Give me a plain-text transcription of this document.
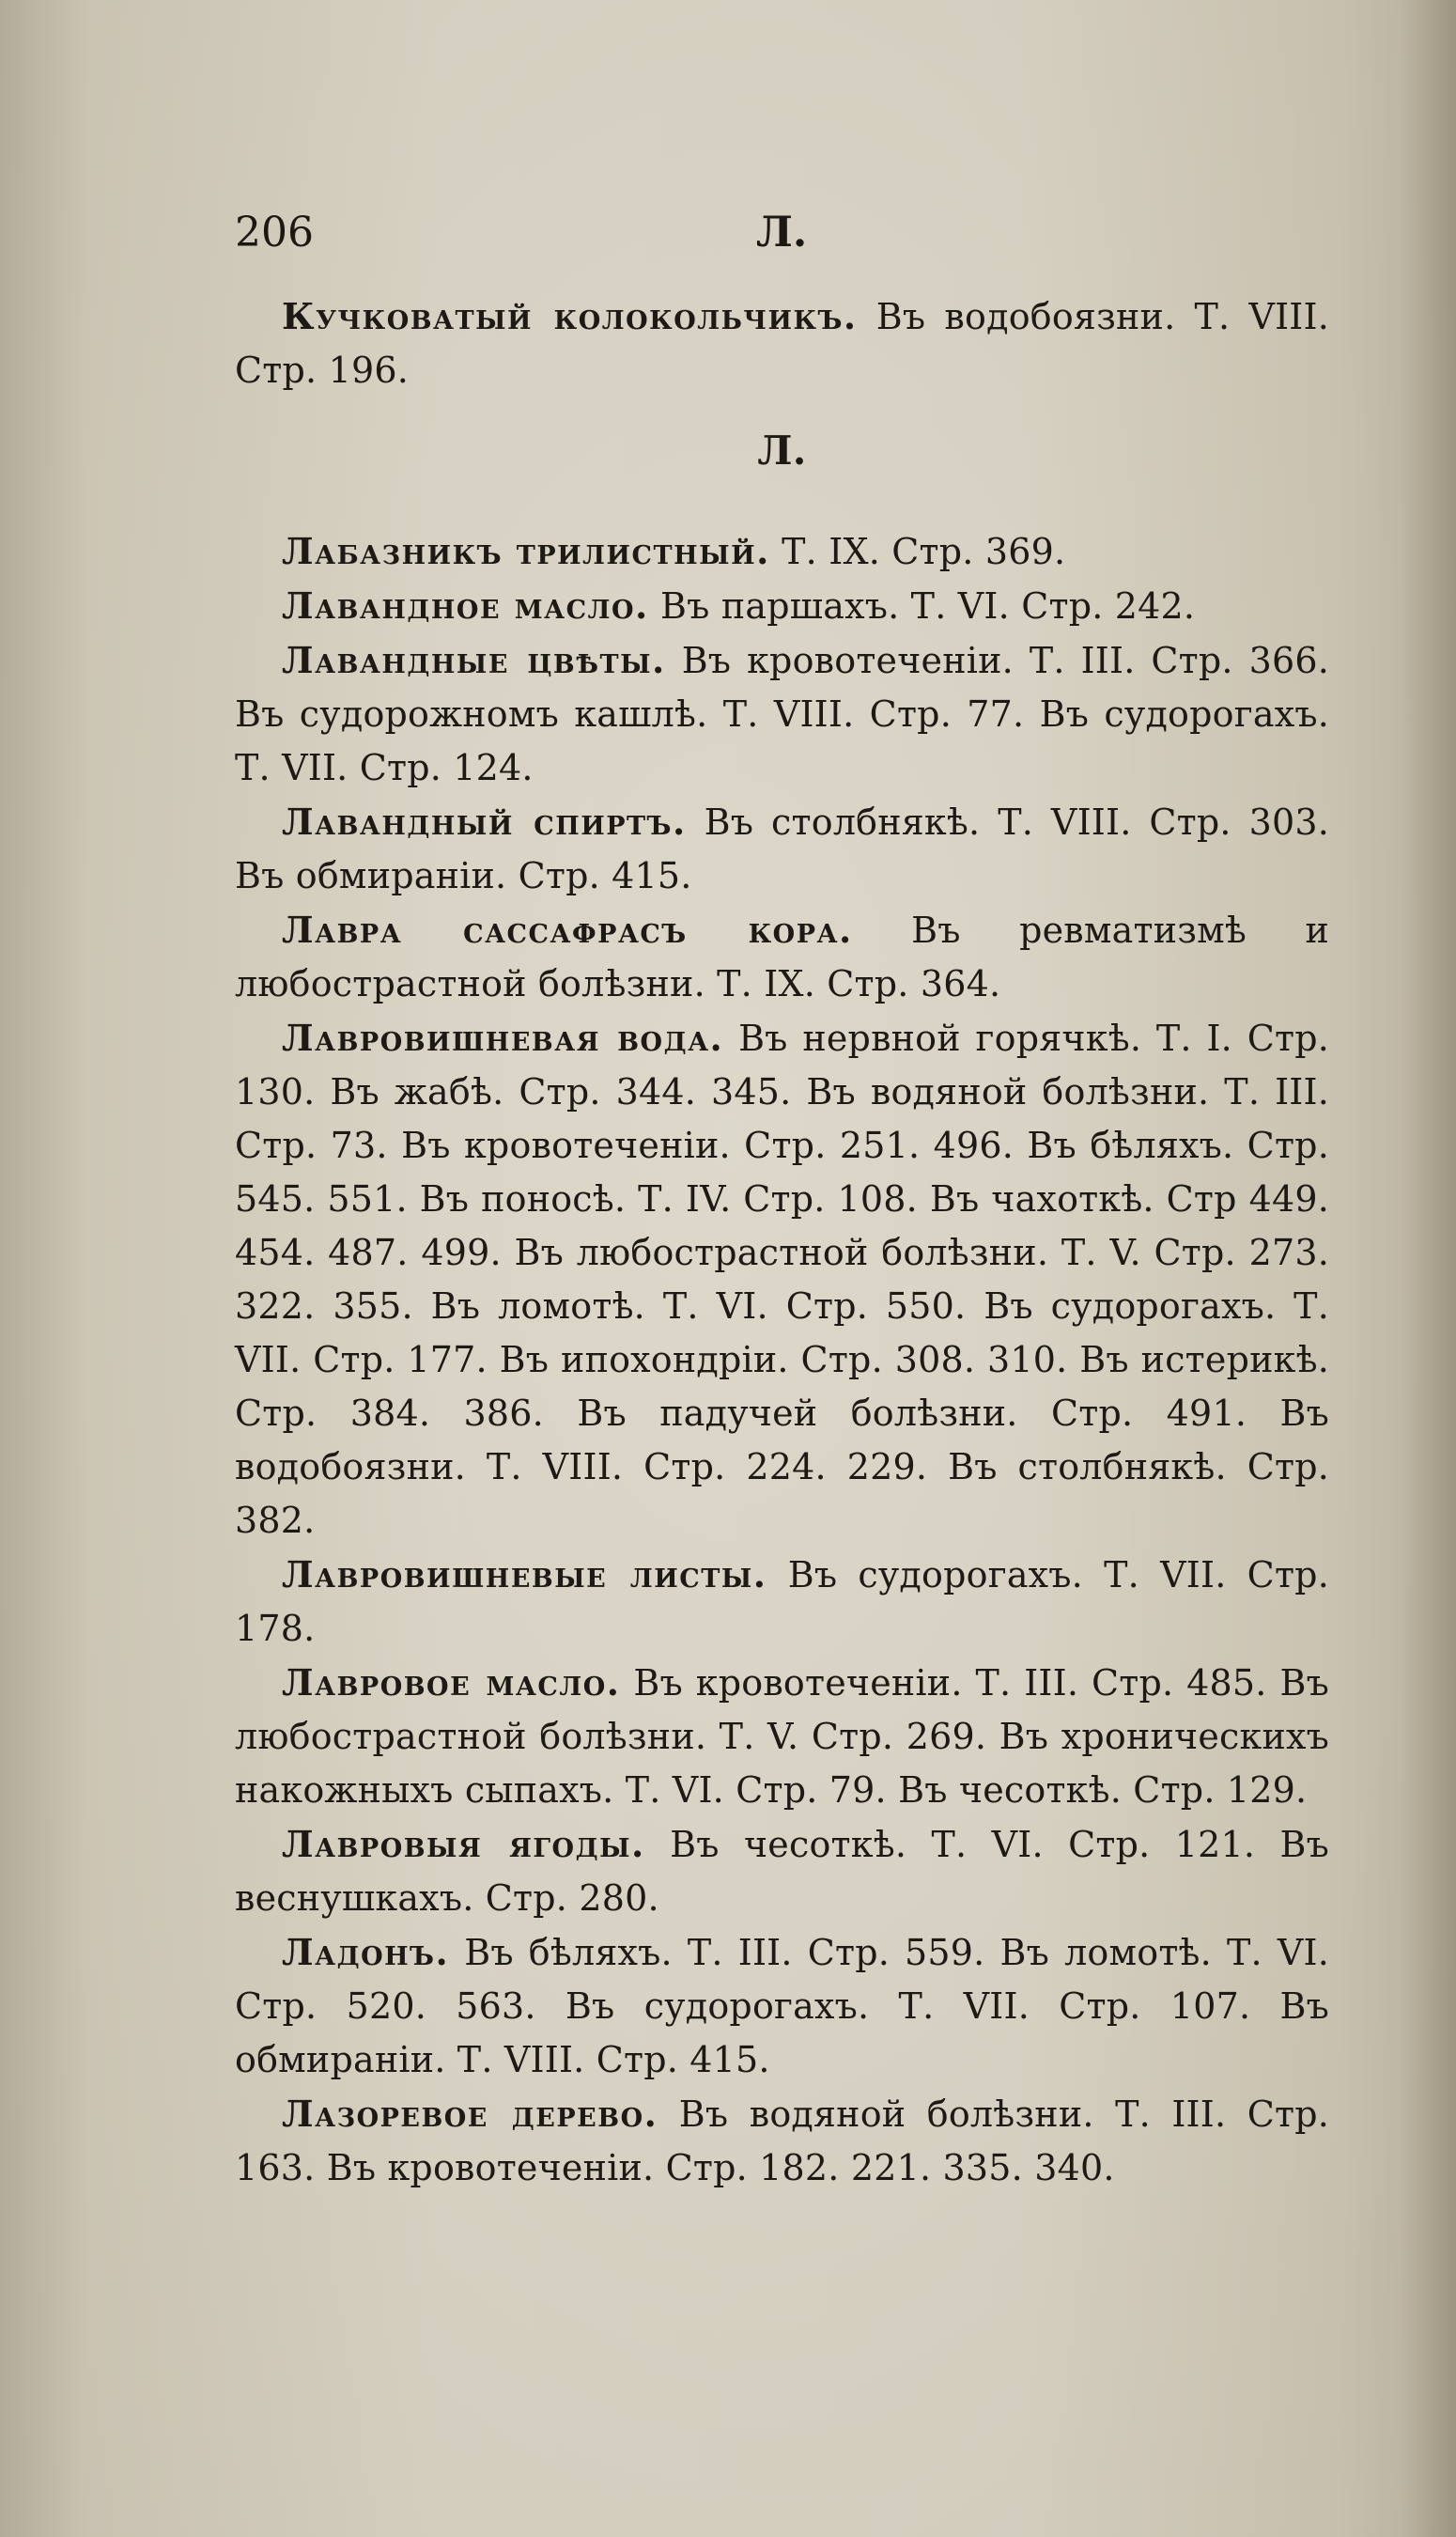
206	Л.

Кучковатый колокольчикъ. Въ водобоязни. Т. VIII. Стр. 196.

Л.

Лабазникъ трилистный. Т. IX. Стр. 369.

Лавандное масло. Въ паршахъ. Т. VI. Стр. 242.

Лавандные цвѣты. Въ кровотеченіи. Т. III. Стр. 366. Въ судорожномъ кашлѣ. Т. VIII. Стр. 77. Въ судорогахъ. Т. VII. Стр. 124.

Лавандный спиртъ. Въ столбнякѣ. Т. VIII. Стр. 303. Въ обмираніи. Стр. 415.

Лавра сассафрасъ кора. Въ ревматизмѣ и любострастной болѣзни. Т. IX. Стр. 364.

Лавровишневая вода. Въ нервной горячкѣ. Т. I. Стр. 130. Въ жабѣ. Стр. 344. 345. Въ водяной болѣзни. Т. III. Стр. 73. Въ кровотеченіи. Стр. 251. 496. Въ бѣляхъ. Стр. 545. 551. Въ поносѣ. Т. IV. Стр. 108. Въ чахоткѣ. Стр 449. 454. 487. 499. Въ любострастной болѣзни. Т. V. Стр. 273. 322. 355. Въ ломотѣ. Т. VI. Стр. 550. Въ судорогахъ. Т. VII. Стр. 177. Въ ипохондріи. Стр. 308. 310. Въ истерикѣ. Стр. 384. 386. Въ падучей болѣзни. Стр. 491. Въ водобоязни. Т. VIII. Стр. 224. 229. Въ столбнякѣ. Стр. 382.

Лавровишневые листы. Въ судорогахъ. Т. VII. Стр. 178.

Лавровое масло. Въ кровотеченіи. Т. III. Стр. 485. Въ любострастной болѣзни. Т. V. Стр. 269. Въ хроническихъ накожныхъ сыпахъ. Т. VI. Стр. 79. Въ чесоткѣ. Стр. 129.

Лавровыя ягоды. Въ чесоткѣ. Т. VI. Стр. 121. Въ веснушкахъ. Стр. 280.

Ладонъ. Въ бѣляхъ. Т. III. Стр. 559. Въ ломотѣ. Т. VI. Стр. 520. 563. Въ судорогахъ. Т. VII. Стр. 107. Въ обмираніи. Т. VIII. Стр. 415.

Лазоревое дерево. Въ водяной болѣзни. Т. III. Стр. 163. Въ кровотеченіи. Стр. 182. 221. 335. 340.
